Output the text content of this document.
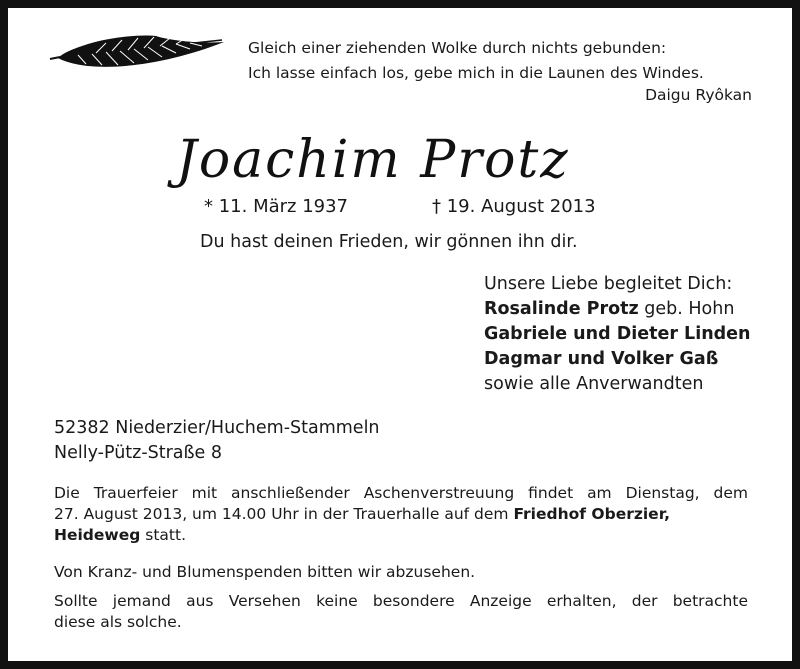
Gleich einer ziehenden Wolke durch nichts gebunden:
Ich lasse einfach los, gebe mich in die Launen des Windes.
Daigu Ryôkan
Joachim Protz
* 11. März 1937	† 19. August 2013
Du hast deinen Frieden, wir gönnen ihn dir.
Unsere Liebe begleitet Dich:
Rosalinde Protz geb. Hohn
Gabriele und Dieter Linden
Dagmar und Volker Gaß
sowie alle Anverwandten
52382 Niederzier/Huchem-Stammeln
Nelly-Pütz-Straße 8
Die Trauerfeier mit anschließender Aschenverstreuung findet am Dienstag, dem
27. August 2013, um 14.00 Uhr in der Trauerhalle auf dem Friedhof Oberzier,
Heideweg statt.
Von Kranz- und Blumenspenden bitten wir abzusehen.
Sollte jemand aus Versehen keine besondere Anzeige erhalten, der betrachte
diese als solche.
